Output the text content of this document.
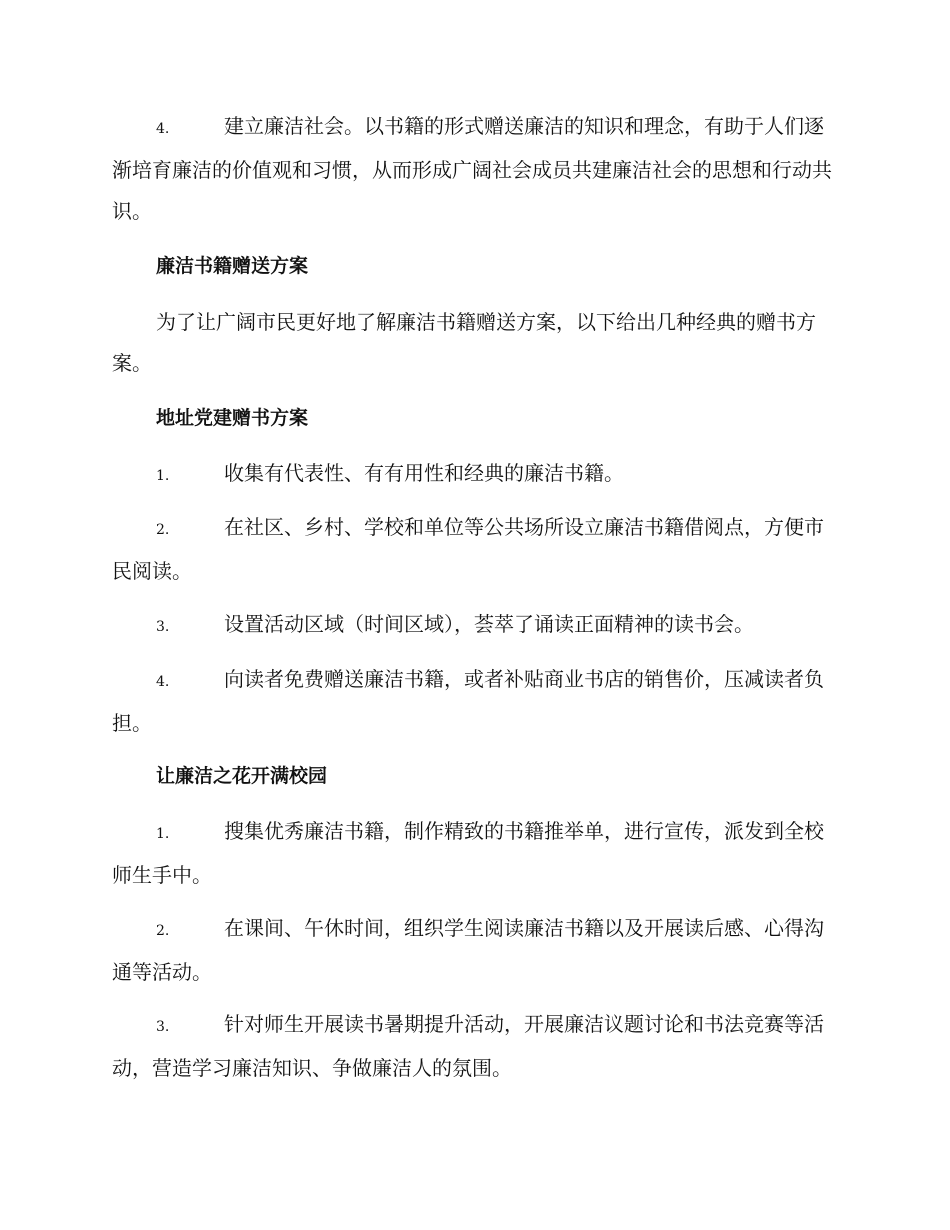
4.	建立廉洁社会。以书籍的形式赠送廉洁的知识和理念，有助于人们逐渐培育廉洁的价值观和习惯，从而形成广阔社会成员共建廉洁社会的思想和行动共识。
廉洁书籍赠送方案
为了让广阔市民更好地了解廉洁书籍赠送方案，以下给出几种经典的赠书方案。
地址党建赠书方案
1.	收集有代表性、有有用性和经典的廉洁书籍。
2.	在社区、乡村、学校和单位等公共场所设立廉洁书籍借阅点，方便市民阅读。
3.	设置活动区域（时间区域），荟萃了诵读正面精神的读书会。
4.	向读者免费赠送廉洁书籍，或者补贴商业书店的销售价，压减读者负担。
让廉洁之花开满校园
1.	搜集优秀廉洁书籍，制作精致的书籍推举单，进行宣传，派发到全校师生手中。
2.	在课间、午休时间，组织学生阅读廉洁书籍以及开展读后感、心得沟通等活动。
3.	针对师生开展读书暑期提升活动，开展廉洁议题讨论和书法竞赛等活动，营造学习廉洁知识、争做廉洁人的氛围。
